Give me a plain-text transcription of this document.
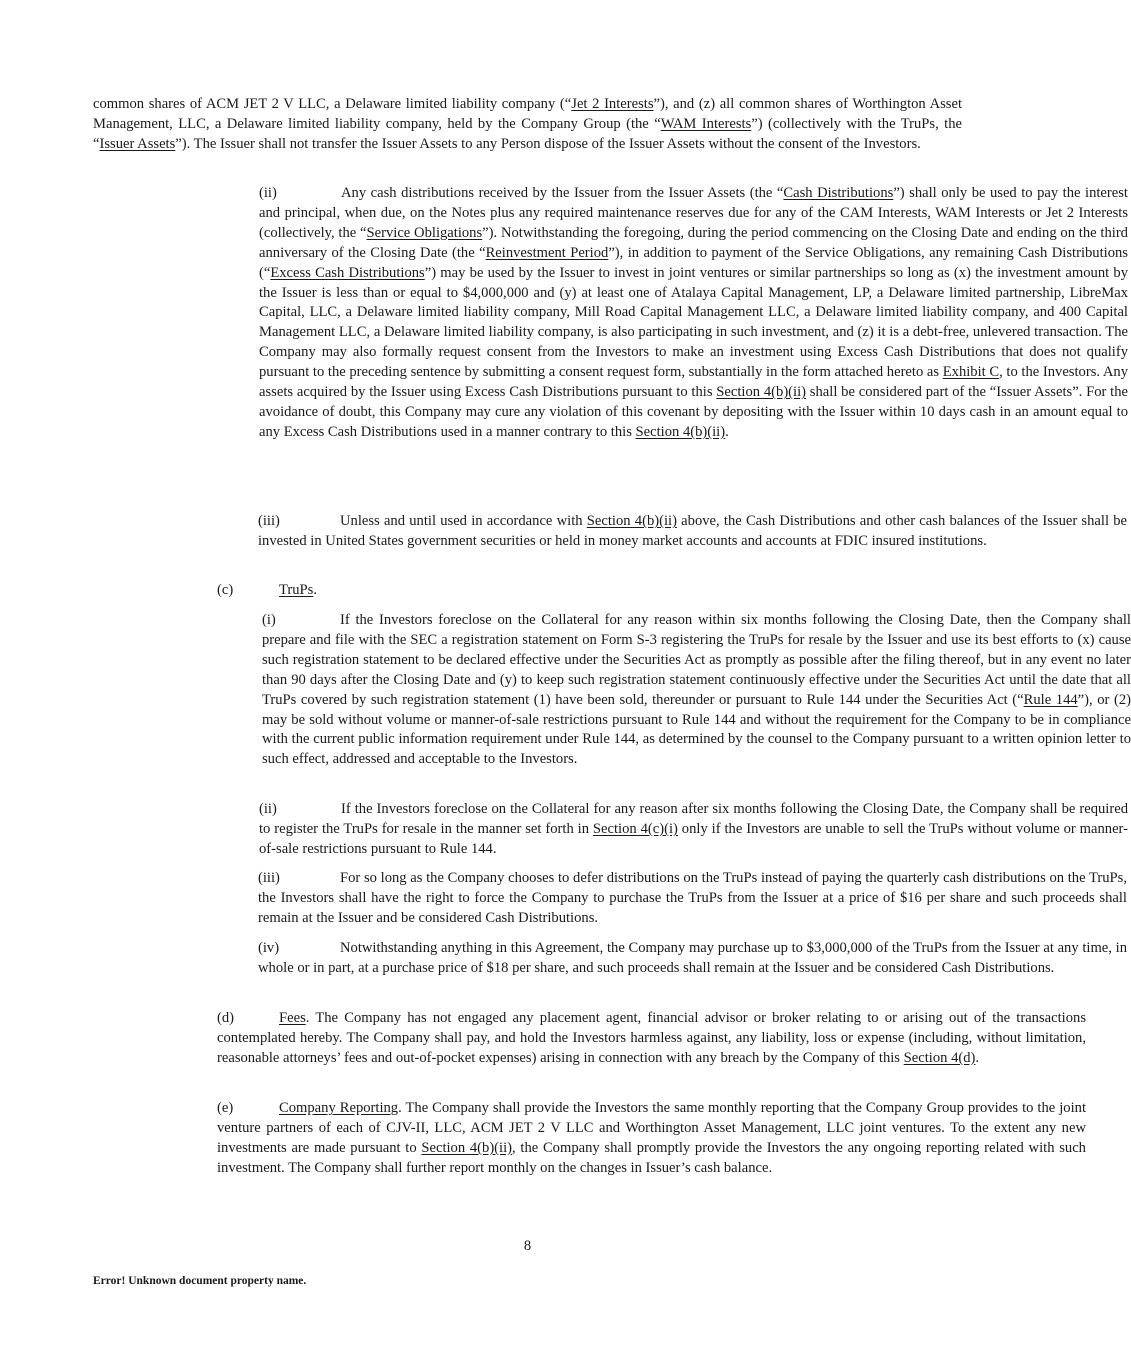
common shares of ACM JET 2 V LLC, a Delaware limited liability company (“Jet 2 Interests”), and (z) all common shares of Worthington Asset Management, LLC, a Delaware limited liability company, held by the Company Group (the “WAM Interests”) (collectively with the TruPs, the “Issuer Assets”). The Issuer shall not transfer the Issuer Assets to any Person dispose of the Issuer Assets without the consent of the Investors.

(ii)	Any cash distributions received by the Issuer from the Issuer Assets (the “Cash Distributions”) shall only be used to pay the interest and principal, when due, on the Notes plus any required maintenance reserves due for any of the CAM Interests, WAM Interests or Jet 2 Interests (collectively, the “Service Obligations”). Notwithstanding the foregoing, during the period commencing on the Closing Date and ending on the third anniversary of the Closing Date (the “Reinvestment Period”), in addition to payment of the Service Obligations, any remaining Cash Distributions (“Excess Cash Distributions”) may be used by the Issuer to invest in joint ventures or similar partnerships so long as (x) the investment amount by the Issuer is less than or equal to $4,000,000 and (y) at least one of Atalaya Capital Management, LP, a Delaware limited partnership, LibreMax Capital, LLC, a Delaware limited liability company, Mill Road Capital Management LLC, a Delaware limited liability company, and 400 Capital Management LLC, a Delaware limited liability company, is also participating in such investment, and (z) it is a debt-free, unlevered transaction. The Company may also formally request consent from the Investors to make an investment using Excess Cash Distributions that does not qualify pursuant to the preceding sentence by submitting a consent request form, substantially in the form attached hereto as Exhibit C, to the Investors. Any assets acquired by the Issuer using Excess Cash Distributions pursuant to this Section 4(b)(ii) shall be considered part of the “Issuer Assets”. For the avoidance of doubt, this Company may cure any violation of this covenant by depositing with the Issuer within 10 days cash in an amount equal to any Excess Cash Distributions used in a manner contrary to this Section 4(b)(ii).

(iii)	Unless and until used in accordance with Section 4(b)(ii) above, the Cash Distributions and other cash balances of the Issuer shall be invested in United States government securities or held in money market accounts and accounts at FDIC insured institutions.

(c)	TruPs.

(i)	If the Investors foreclose on the Collateral for any reason within six months following the Closing Date, then the Company shall prepare and file with the SEC a registration statement on Form S-3 registering the TruPs for resale by the Issuer and use its best efforts to (x) cause such registration statement to be declared effective under the Securities Act as promptly as possible after the filing thereof, but in any event no later than 90 days after the Closing Date and (y) to keep such registration statement continuously effective under the Securities Act until the date that all TruPs covered by such registration statement (1) have been sold, thereunder or pursuant to Rule 144 under the Securities Act (“Rule 144”), or (2) may be sold without volume or manner-of-sale restrictions pursuant to Rule 144 and without the requirement for the Company to be in compliance with the current public information requirement under Rule 144, as determined by the counsel to the Company pursuant to a written opinion letter to such effect, addressed and acceptable to the Investors.

(ii)	If the Investors foreclose on the Collateral for any reason after six months following the Closing Date, the Company shall be required to register the TruPs for resale in the manner set forth in Section 4(c)(i) only if the Investors are unable to sell the TruPs without volume or manner-of-sale restrictions pursuant to Rule 144.

(iii)	For so long as the Company chooses to defer distributions on the TruPs instead of paying the quarterly cash distributions on the TruPs, the Investors shall have the right to force the Company to purchase the TruPs from the Issuer at a price of $16 per share and such proceeds shall remain at the Issuer and be considered Cash Distributions.

(iv)	Notwithstanding anything in this Agreement, the Company may purchase up to $3,000,000 of the TruPs from the Issuer at any time, in whole or in part, at a purchase price of $18 per share, and such proceeds shall remain at the Issuer and be considered Cash Distributions.

(d)	Fees. The Company has not engaged any placement agent, financial advisor or broker relating to or arising out of the transactions contemplated hereby. The Company shall pay, and hold the Investors harmless against, any liability, loss or expense (including, without limitation, reasonable attorneys’ fees and out-of-pocket expenses) arising in connection with any breach by the Company of this Section 4(d).

(e)	Company Reporting. The Company shall provide the Investors the same monthly reporting that the Company Group provides to the joint venture partners of each of CJV-II, LLC, ACM JET 2 V LLC and Worthington Asset Management, LLC joint ventures. To the extent any new investments are made pursuant to Section 4(b)(ii), the Company shall promptly provide the Investors the any ongoing reporting related with such investment. The Company shall further report monthly on the changes in Issuer’s cash balance.

8
Error! Unknown document property name.
